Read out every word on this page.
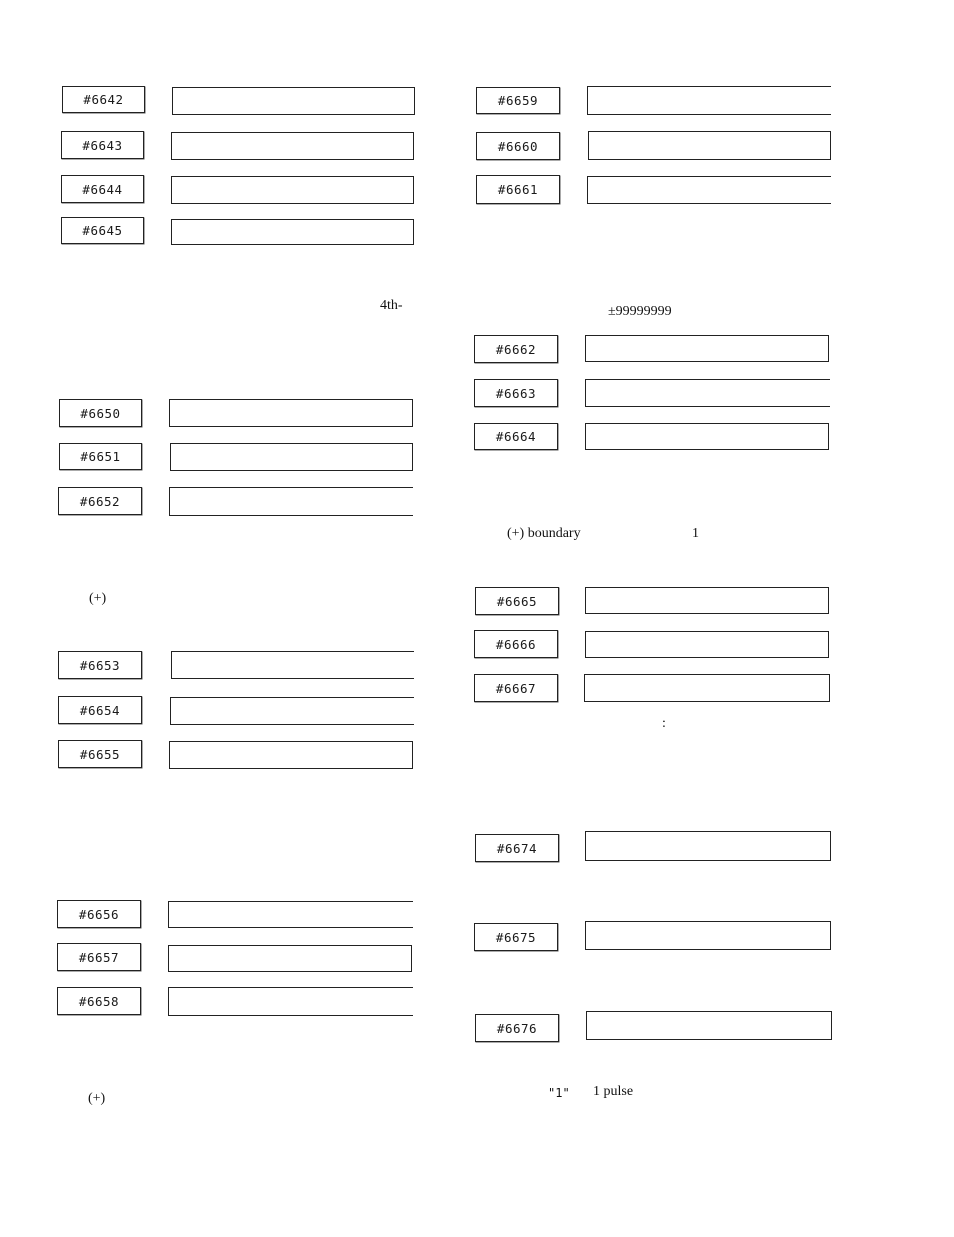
#6642
#6643
#6644
#6645
4th-
#6650
#6651
#6652
(+)
#6653
#6654
#6655
#6656
#6657
#6658
(+)
#6659
#6660
#6661
±99999999
#6662
#6663
#6664
(+) boundary	1
#6665
#6666
#6667
:
#6674
#6675
#6676
"1" 1 pulse
